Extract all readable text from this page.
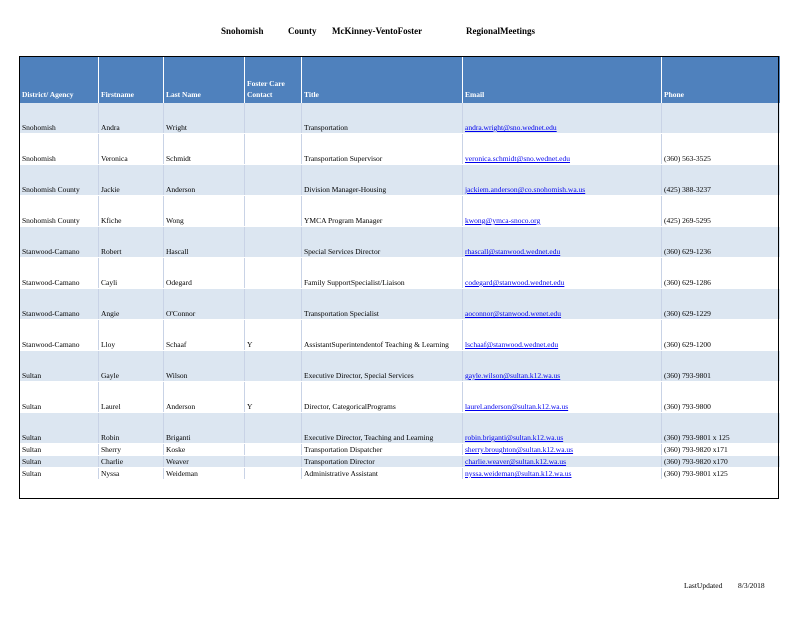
Snohomish	County McKinney-VentoFoster	RegionalMeetings
District/ Agency	Firstname	Last Name	Foster Care Contact	Title	Email	Phone
Snohomish	Andra	Wright		Transportation	andra.wright@sno.wednet.edu	
Snohomish	Veronica	Schmidt		Transportation Supervisor	veronica.schmidt@sno.wednet.edu	(360) 563-3525
Snohomish County	Jackie	Anderson		Division Manager-Housing	jackiem.anderson@co.snohomish.wa.us	(425) 388-3237
Snohomish County	Kfiche	Wong		YMCA Program Manager	kwong@ymca-snoco.org	(425) 269-5295
Stanwood-Camano	Robert	Hascall		Special Services Director	rhascall@stanwood.wednet.edu	(360) 629-1236
Stanwood-Camano	Cayli	Odegard		Family SupportSpecialist/Liaison	codegard@stanwood.wednet.edu	(360) 629-1286
Stanwood-Camano	Angie	O'Connor		Transportation Specialist	aoconnor@stanwood.wenet.edu	(360) 629-1229
Stanwood-Camano	Lloy	Schaaf	Y	AssistantSuperintendentof Teaching & Learning	lschaaf@stanwood.wednet.edu	(360) 629-1200
Sultan	Gayle	Wilson		Executive Director, Special Services	gayle.wilson@sultan.k12.wa.us	(360) 793-9801
Sultan	Laurel	Anderson	Y	Director, CategoricalPrograms	laurel.anderson@sultan.k12.wa.us	(360) 793-9800
Sultan	Robin	Briganti		Executive Director, Teaching and Learning	robin.briganti@sultan.k12.wa.us	(360) 793-9801 x 125
Sultan	Sherry	Koske		Transportation Dispatcher	sherry.broughton@sultan.k12.wa.us	(360) 793-9820 x171
Sultan	Charlie	Weaver		Transportation Director	charlie.weaver@sultan.k12.wa.us	(360) 793-9820 x170
Sultan	Nyssa	Weideman		Administrative Assistant	nyssa.weideman@sultan.k12.wa.us	(360) 793-9801 x125
LastUpdated 8/3/2018
